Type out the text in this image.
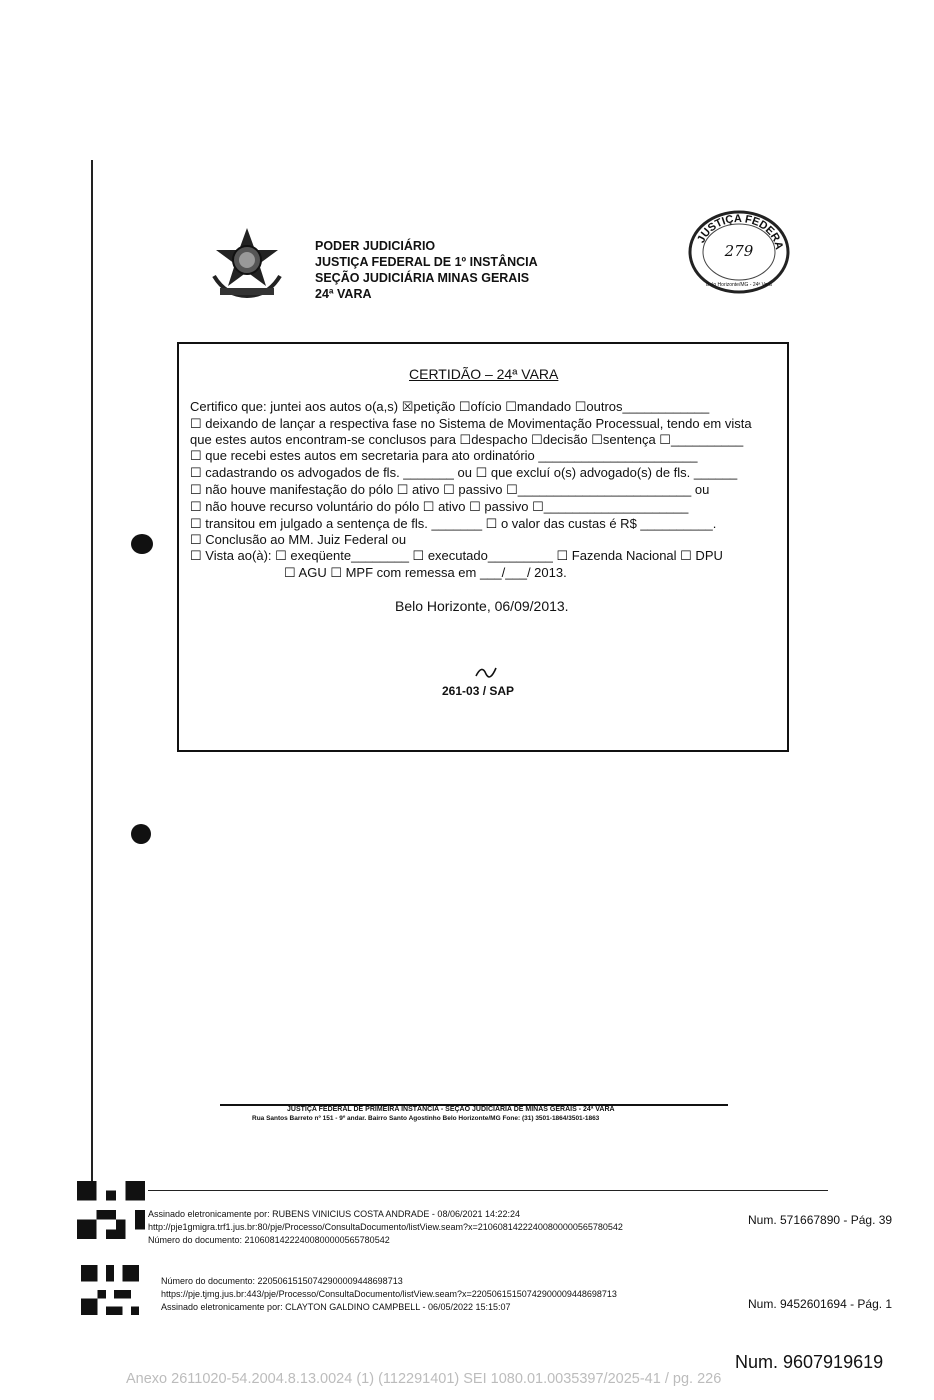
PODER JUDICIÁRIO
JUSTIÇA FEDERAL DE 1º INSTÂNCIA
SEÇÃO JUDICIÁRIA MINAS GERAIS
24ª VARA
JUSTIÇA FEDERA
279
Belo Horizonte/MG - 24ª Vara
CERTIDÃO – 24ª VARA
Certifico que: juntei aos autos o(a,s) ☒petição ☐ofício ☐mandado ☐outros____________
☐ deixando de lançar a respectiva fase no Sistema de Movimentação Processual, tendo em vista
que estes autos encontram-se conclusos para ☐despacho ☐decisão ☐sentença ☐__________
☐ que recebi estes autos em secretaria para ato ordinatório ______________________
☐ cadastrando os advogados de fls. _______ ou ☐ que excluí o(s) advogado(s) de fls. ______
☐ não houve manifestação do pólo ☐ ativo ☐ passivo ☐________________________ ou
☐ não houve recurso voluntário do pólo ☐ ativo ☐ passivo ☐____________________
☐ transitou em julgado a sentença de fls. _______ ☐ o valor das custas é R$ __________.
☐ Conclusão ao MM. Juiz Federal ou
☐ Vista ao(à): ☐ exeqüente________ ☐ executado_________ ☐ Fazenda Nacional ☐ DPU
☐ AGU ☐ MPF com remessa em ___/___/ 2013.
Belo Horizonte, 06/09/2013.
261-03 / SAP
JUSTIÇA FEDERAL DE PRIMEIRA INSTÂNCIA - SEÇÃO JUDICIÁRIA DE MINAS GERAIS - 24ª VARA
Rua Santos Barreto nº 151 - 9º andar. Bairro Santo Agostinho Belo Horizonte/MG Fone: (31) 3501-1864/3501-1863
Assinado eletronicamente por: RUBENS VINICIUS COSTA ANDRADE - 08/06/2021 14:22:24
http://pje1gmigra.trf1.jus.br:80/pje/Processo/ConsultaDocumento/listView.seam?x=21060814222400800000565780542
Número do documento: 21060814222400800000565780542
Num. 571667890 - Pág. 39
Número do documento: 22050615150742900009448698713
https://pje.tjmg.jus.br:443/pje/Processo/ConsultaDocumento/listView.seam?x=22050615150742900009448698713
Assinado eletronicamente por: CLAYTON GALDINO CAMPBELL - 06/05/2022 15:15:07	Num. 9452601694 - Pág. 1
Num. 9607919619
Anexo 2611020-54.2004.8.13.0024 (1) (112291401) SEI 1080.01.0035397/2025-41 / pg. 226
